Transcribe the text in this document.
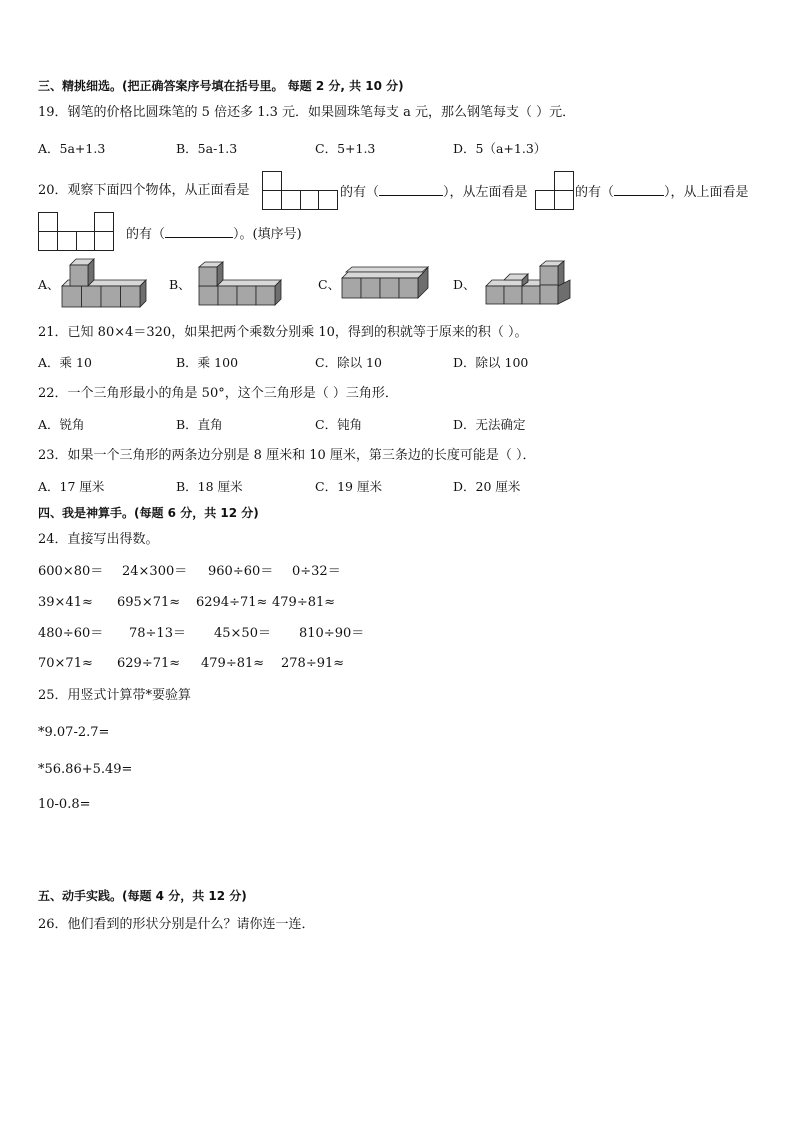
三、精挑细选。(把正确答案序号填在括号里。 每题 2 分, 共 10 分)
19．钢笔的价格比圆珠笔的 5 倍还多 1.3 元．如果圆珠笔每支 a 元，那么钢笔每支（ ）元．
A．5a+1.3	B．5a-1.3	C．5+1.3	D．5（a+1.3）
20．观察下面四个物体，从正面看是	的有（	），从左面看是	的有（	），从上面看是
的有（	）。(填序号)
A、	B、	C、	D、
21．已知 80×4＝320，如果把两个乘数分别乘 10，得到的积就等于原来的积（ ）。
A．乘 10	B．乘 100	C．除以 10	D．除以 100
22．一个三角形最小的角是 50°，这个三角形是（ ）三角形．
A．锐角	B．直角	C．钝角	D．无法确定
23．如果一个三角形的两条边分别是 8 厘米和 10 厘米，第三条边的长度可能是（ ）．
A．17 厘米	B．18 厘米	C．19 厘米	D．20 厘米
四、我是神算手。(每题 6 分，共 12 分)
24．直接写出得数。
600×80＝ 24×300＝ 960÷60＝ 0÷32＝
39×41≈ 695×71≈ 6294÷71≈ 479÷81≈
480÷60＝ 78÷13＝ 45×50＝ 810÷90＝
70×71≈ 629÷71≈ 479÷81≈ 278÷91≈
25．用竖式计算带*要验算
*9.07-2.7=
*56.86+5.49=
10-0.8=
五、动手实践。(每题 4 分，共 12 分)
26．他们看到的形状分别是什么？请你连一连．
